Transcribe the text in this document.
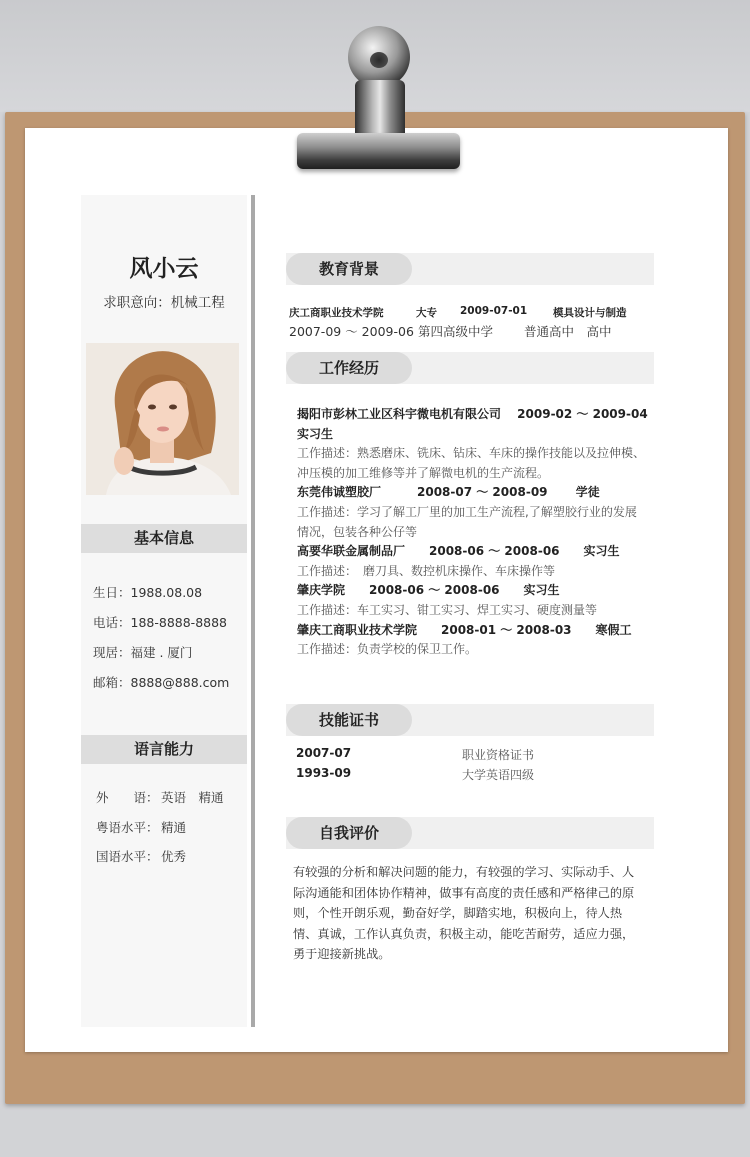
风小云
求职意向：机械工程
基本信息
生日：1988.08.08
电话：188-8888-8888
现居：福建 . 厦门
邮箱：8888@888.com
语言能力
外　　语： 英语　精通
粤语水平： 精通
国语水平： 优秀
教育背景
庆工商职业技术学院	大专 2009-07-01 模具设计与制造
2007-09 ～ 2009-06 第四高级中学 普通高中　高中
工作经历
揭阳市彭林工业区科宇微电机有限公司　 2009-02 ～ 2009-04
实习生
工作描述：熟悉磨床、铣床、钻床、车床的操作技能以及拉伸模、
冲压模的加工维修等并了解微电机的生产流程。
东莞伟诚塑胶厂　　　2008-07 ～ 2008-09　　 学徒
工作描述：学习了解工厂里的加工生产流程,了解塑胶行业的发展
情况，包装各种公仔等
高要华联金属制品厂　　2008-06 ～ 2008-06　　实习生
工作描述：　磨刀具、数控机床操作、车床操作等
肇庆学院　　2008-06 ～ 2008-06　　实习生
工作描述：车工实习、钳工实习、焊工实习、硬度测量等
肇庆工商职业技术学院　　2008-01 ～ 2008-03　　寒假工
工作描述：负责学校的保卫工作。
技能证书
2007-07	职业资格证书
1993-09	大学英语四级
自我评价
有较强的分析和解决问题的能力，有较强的学习、实际动手、人际沟通能和团体协作精神，做事有高度的责任感和严格律己的原则，个性开朗乐观，勤奋好学，脚踏实地，积极向上，待人热情、真诚，工作认真负责，积极主动，能吃苦耐劳，适应力强，勇于迎接新挑战。
